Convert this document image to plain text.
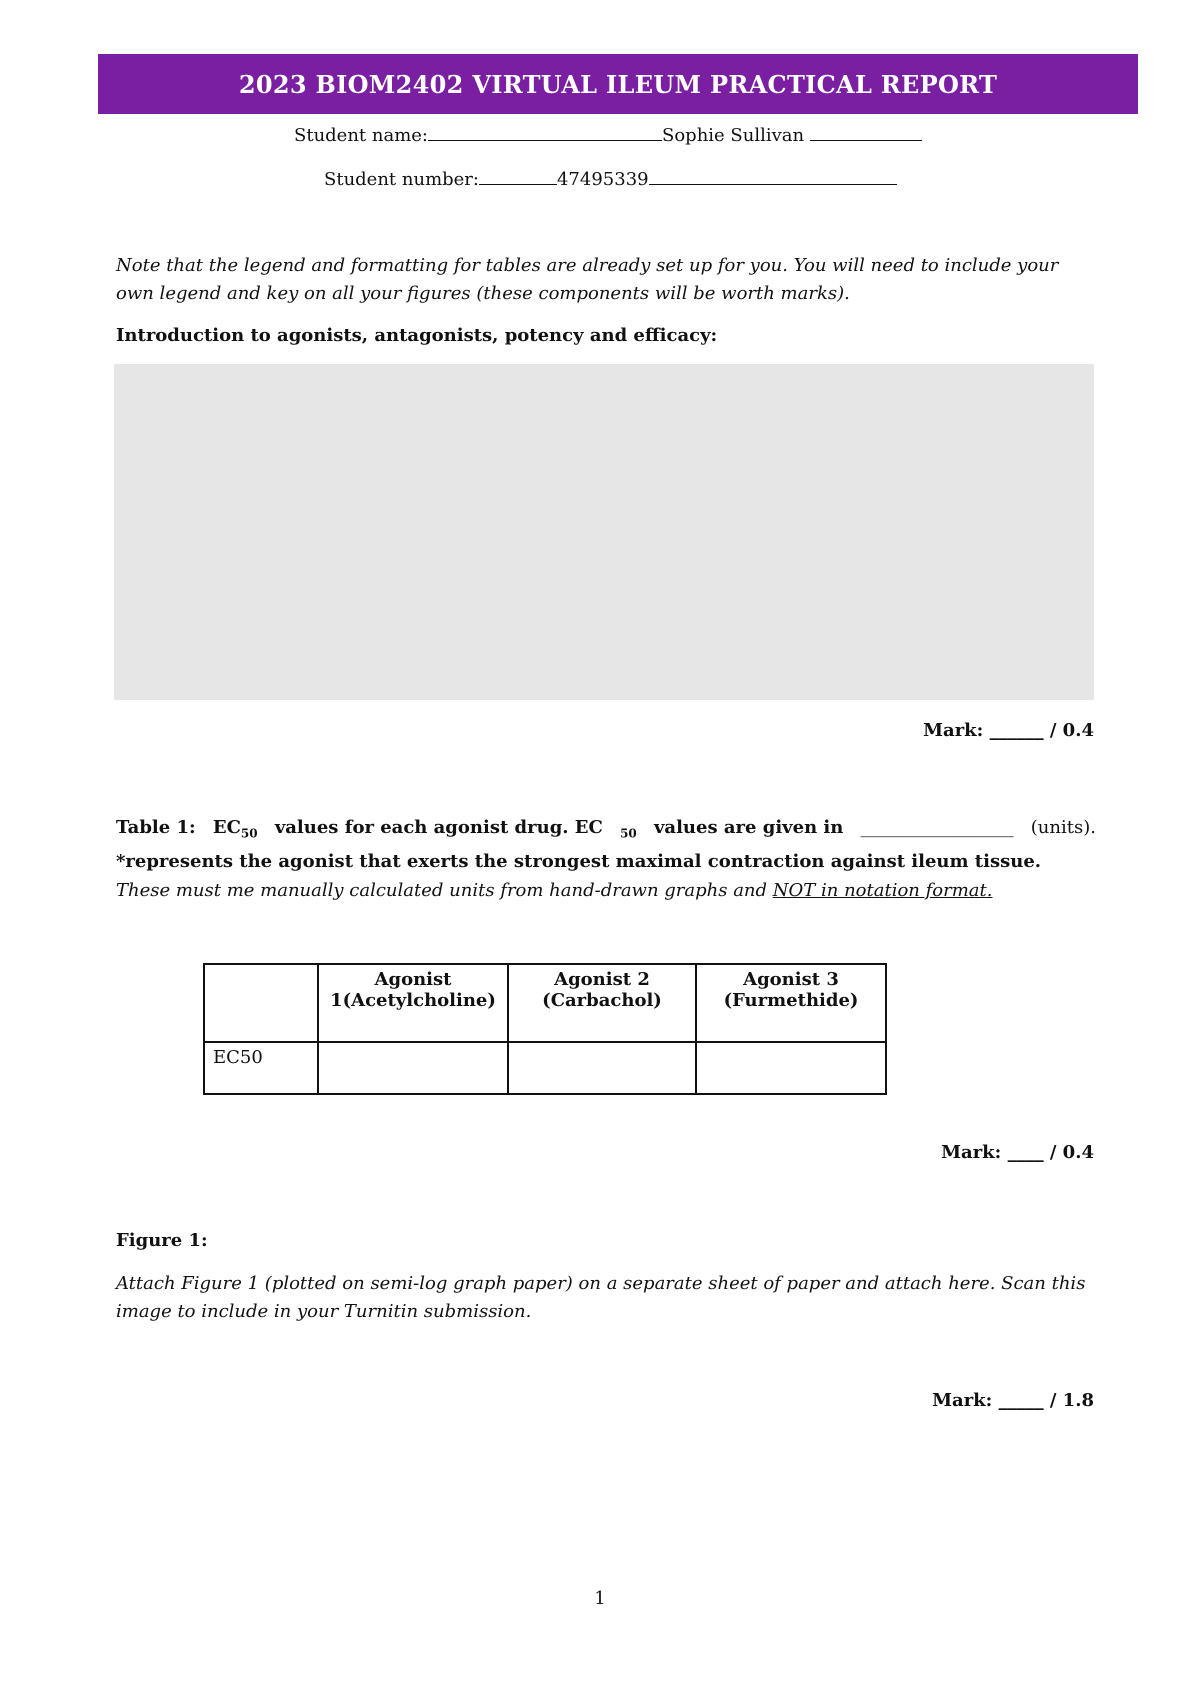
2023 BIOM2402 VIRTUAL ILEUM PRACTICAL REPORT
Student name:	Sophie Sullivan
Student number:	47495339
Note that the legend and formatting for tables are already set up for you. You will need to include your own legend and key on all your figures (these components will be worth marks).
Introduction to agonists, antagonists, potency and efficacy:
Mark: ______ / 0.4
Table 1: $EC_{50}$ values for each agonist drug. EC $_{50}$ values are given in _________________ (units).
*represents the agonist that exerts the strongest maximal contraction against ileum tissue.
These must me manually calculated units from hand-drawn graphs and NOT in notation format.
	Agonist 1(Acetylcholine)	Agonist 2 (Carbachol)	Agonist 3 (Furmethide)
EC50			
Mark: ____ / 0.4
Figure 1:
Attach Figure 1 (plotted on semi-log graph paper) on a separate sheet of paper and attach here. Scan this image to include in your Turnitin submission.
Mark: _____ / 1.8
1
